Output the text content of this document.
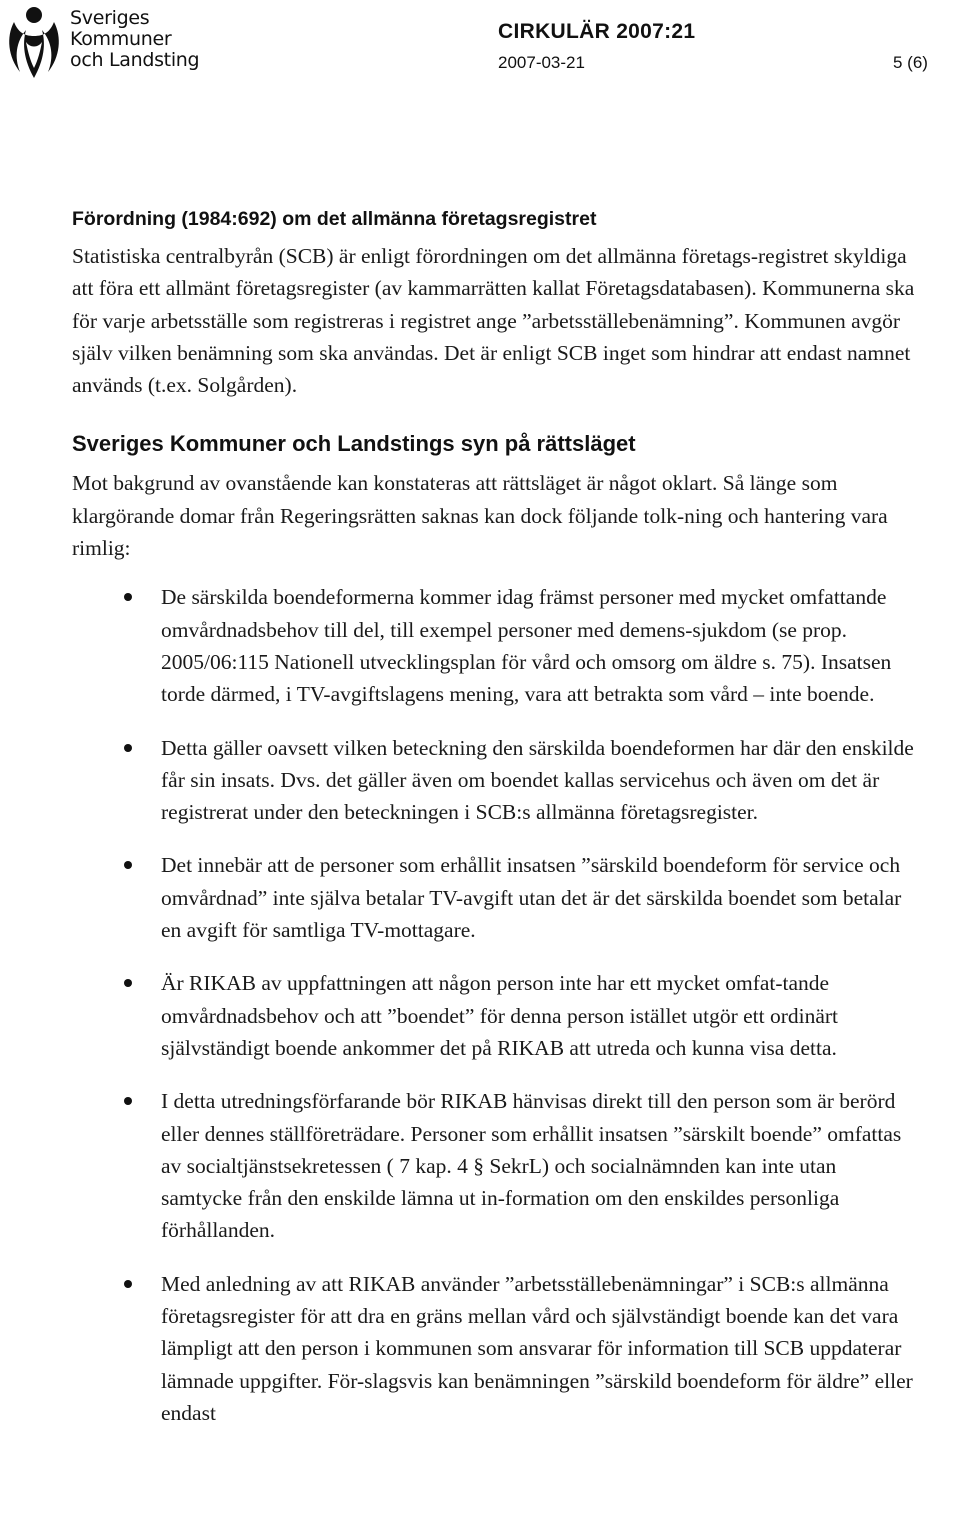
Sveriges
Kommuner
och Landsting
CIRKULÄR 2007:21
2007-03-21	5 (6)
Förordning (1984:692) om det allmänna företagsregistret

Statistiska centralbyrån (SCB) är enligt förordningen om det allmänna företags-registret skyldiga att föra ett allmänt företagsregister (av kammarrätten kallat Företagsdatabasen). Kommunerna ska för varje arbetsställe som registreras i registret ange ”arbetsställebenämning”. Kommunen avgör själv vilken benämning som ska användas. Det är enligt SCB inget som hindrar att endast namnet används (t.ex. Solgården).

Sveriges Kommuner och Landstings syn på rättsläget

Mot bakgrund av ovanstående kan konstateras att rättsläget är något oklart. Så länge som klargörande domar från Regeringsrätten saknas kan dock följande tolk-ning och hantering vara rimlig:

De särskilda boendeformerna kommer idag främst personer med mycket omfattande omvårdnadsbehov till del, till exempel personer med demens-sjukdom (se prop. 2005/06:115 Nationell utvecklingsplan för vård och omsorg om äldre s. 75). Insatsen torde därmed, i TV-avgiftslagens mening, vara att betrakta som vård – inte boende.
Detta gäller oavsett vilken beteckning den särskilda boendeformen har där den enskilde får sin insats. Dvs. det gäller även om boendet kallas servicehus och även om det är registrerat under den beteckningen i SCB:s allmänna företagsregister.
Det innebär att de personer som erhållit insatsen ”särskild boendeform för service och omvårdnad” inte själva betalar TV-avgift utan det är det särskilda boendet som betalar en avgift för samtliga TV-mottagare.
Är RIKAB av uppfattningen att någon person inte har ett mycket omfat-tande omvårdnadsbehov och att ”boendet” för denna person istället utgör ett ordinärt självständigt boende ankommer det på RIKAB att utreda och kunna visa detta.
I detta utredningsförfarande bör RIKAB hänvisas direkt till den person som är berörd eller dennes ställföreträdare. Personer som erhållit insatsen ”särskilt boende” omfattas av socialtjänstsekretessen ( 7 kap. 4 § SekrL) och socialnämnden kan inte utan samtycke från den enskilde lämna ut in-formation om den enskildes personliga förhållanden.
Med anledning av att RIKAB använder ”arbetsställebenämningar” i SCB:s allmänna företagsregister för att dra en gräns mellan vård och självständigt boende kan det vara lämpligt att den person i kommunen som ansvarar för information till SCB uppdaterar lämnade uppgifter. För-slagsvis kan benämningen ”särskild boendeform för äldre” eller endast
